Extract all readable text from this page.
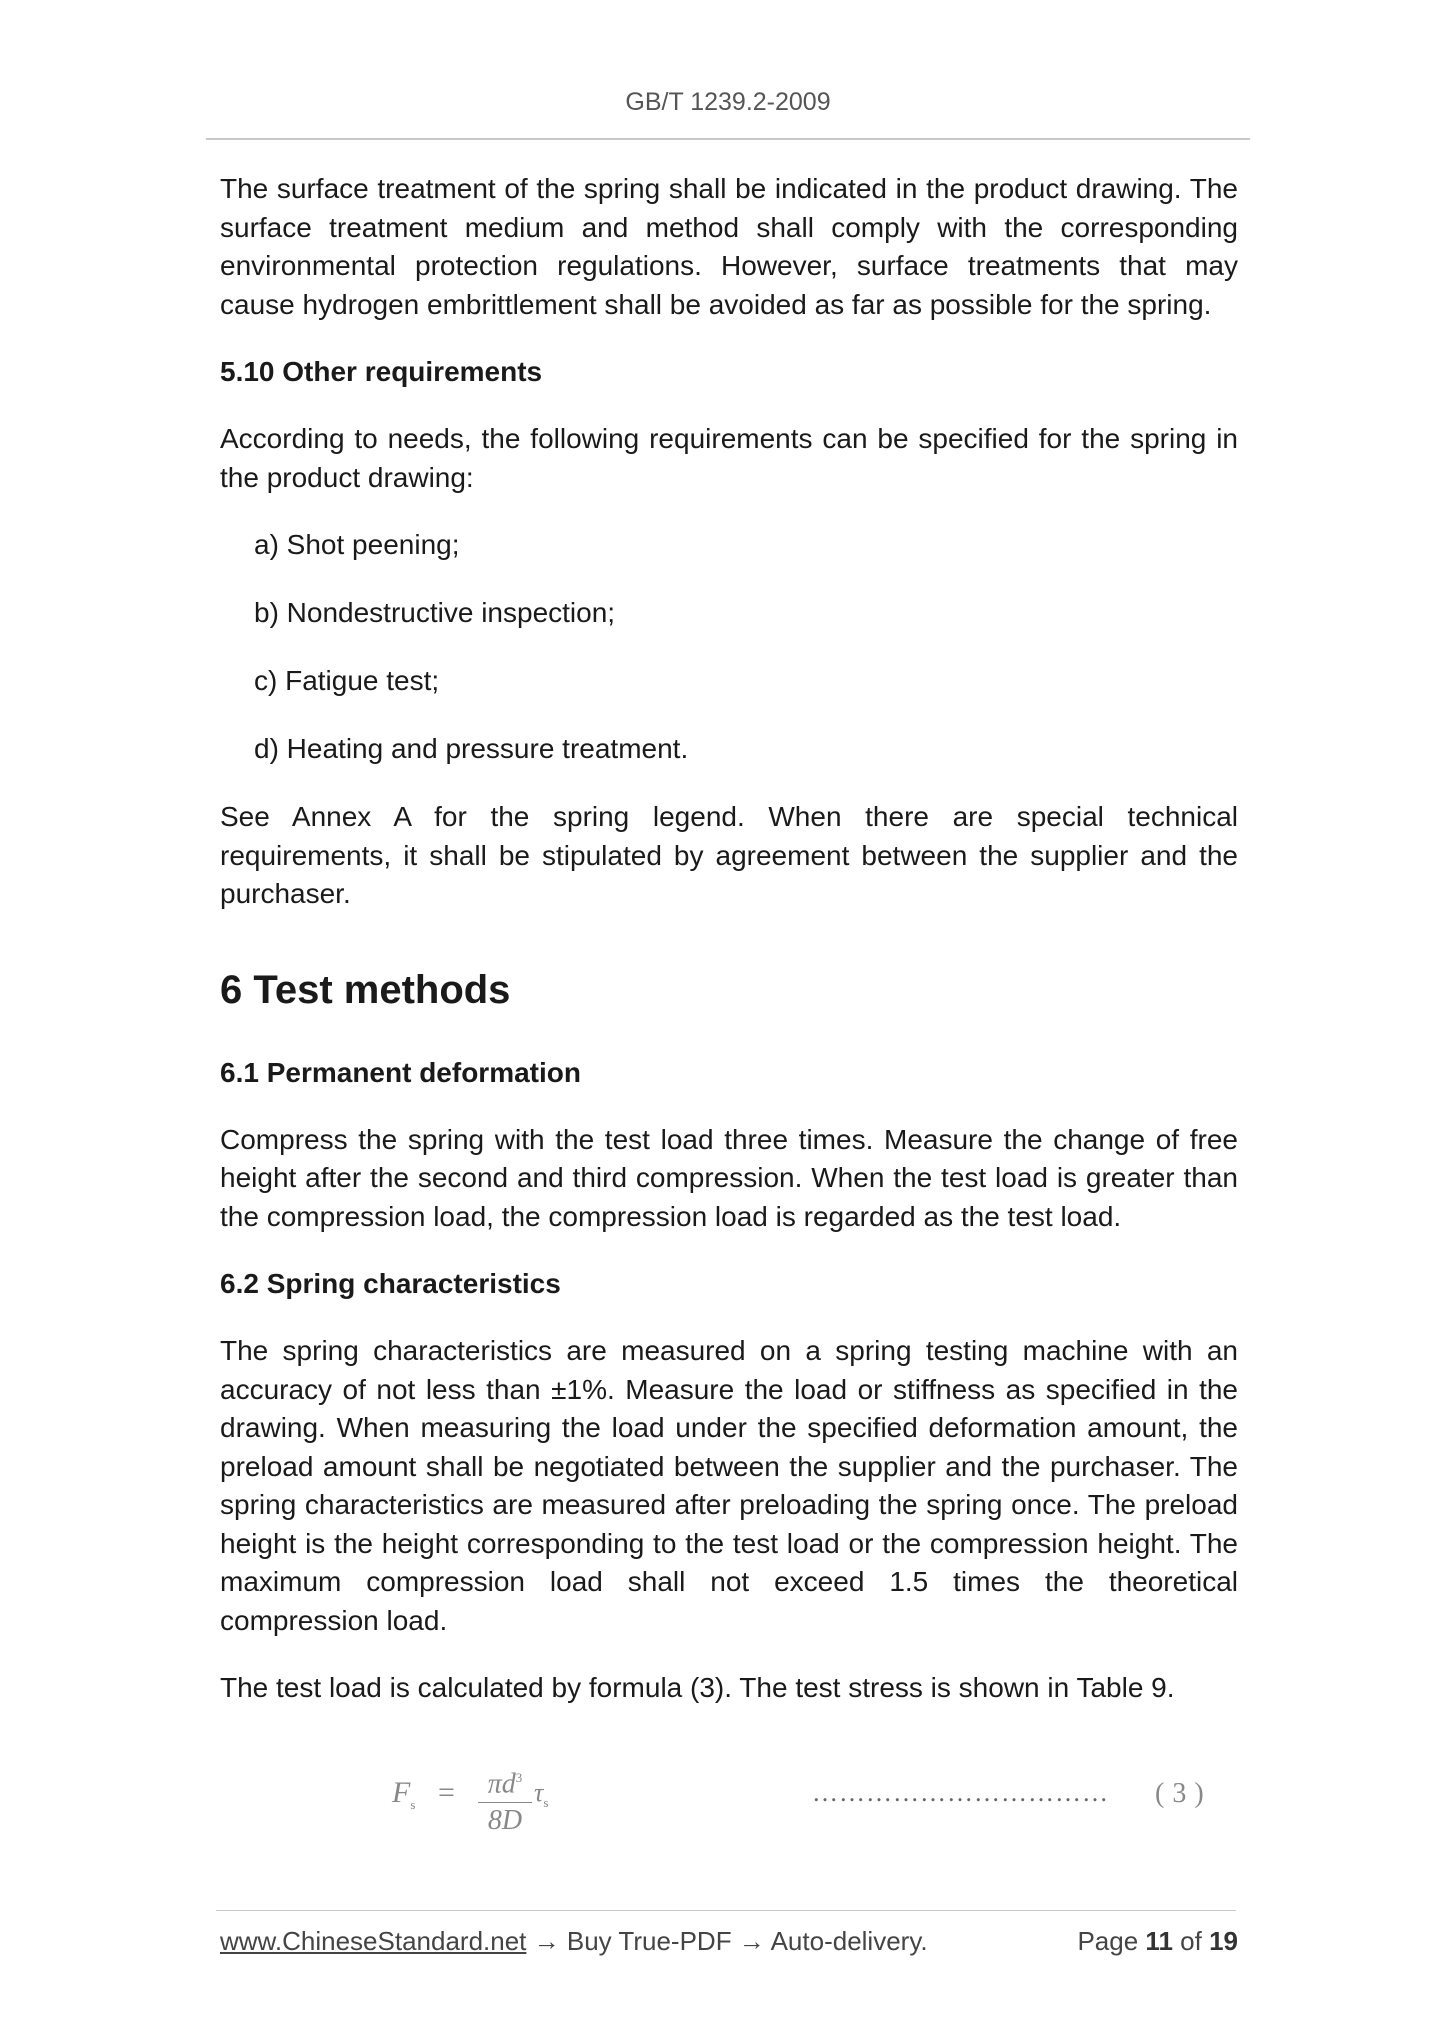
GB/T 1239.2-2009

The surface treatment of the spring shall be indicated in the product drawing. The surface treatment medium and method shall comply with the corresponding environmental protection regulations. However, surface treatments that may cause hydrogen embrittlement shall be avoided as far as possible for the spring.

5.10 Other requirements

According to needs, the following requirements can be specified for the spring in the product drawing:

a) Shot peening;
b) Nondestructive inspection;
c) Fatigue test;
d) Heating and pressure treatment.

See Annex A for the spring legend. When there are special technical requirements, it shall be stipulated by agreement between the supplier and the purchaser.

6 Test methods
6.1 Permanent deformation

Compress the spring with the test load three times. Measure the change of free height after the second and third compression. When the test load is greater than the compression load, the compression load is regarded as the test load.

6.2 Spring characteristics

The spring characteristics are measured on a spring testing machine with an accuracy of not less than ±1%. Measure the load or stiffness as specified in the drawing. When measuring the load under the specified deformation amount, the preload amount shall be negotiated between the supplier and the purchaser. The spring characteristics are measured after preloading the spring once. The preload height is the height corresponding to the test load or the compression height. The maximum compression load shall not exceed 1.5 times the theoretical compression load.

The test load is calculated by formula (3). The test stress is shown in Table 9.

$F_s = \frac{\pi d^3}{8D} \tau_s$	…………………………… (3)
www.ChineseStandard.net → Buy True-PDF → Auto-delivery.	Page 11 of 19
